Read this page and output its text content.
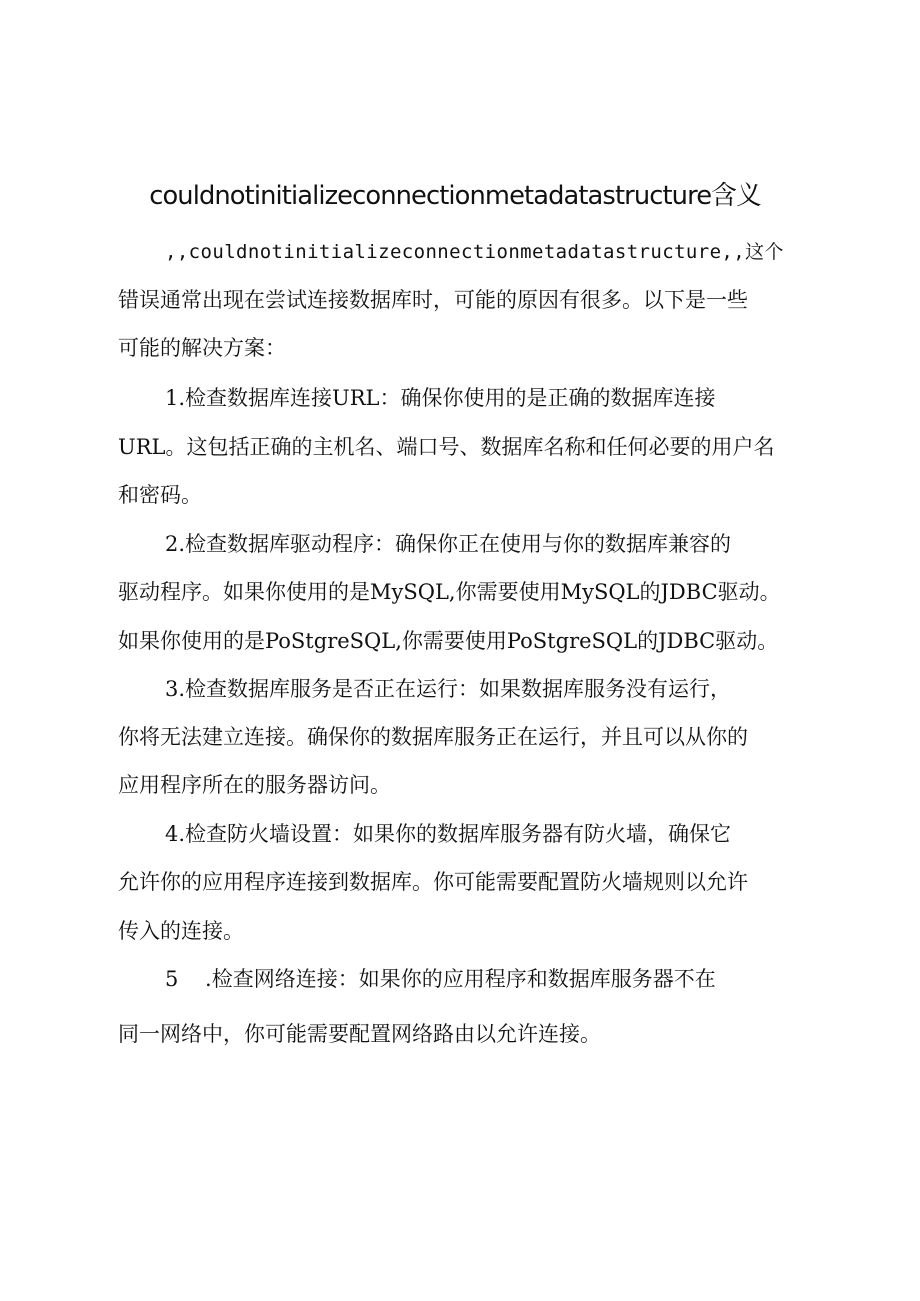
couldnotinitializeconnectionmetadatastructure含义
,,couldnotinitializeconnectionmetadatastructure,,这个
错误通常出现在尝试连接数据库时，可能的原因有很多。以下是一些
可能的解决方案：
1.检查数据库连接URL：确保你使用的是正确的数据库连接
URL。这包括正确的主机名、端口号、数据库名称和任何必要的用户名
和密码。
2.检查数据库驱动程序：确保你正在使用与你的数据库兼容的
驱动程序。如果你使用的是MySQL,你需要使用MySQL的JDBC驱动。
如果你使用的是PoStgreSQL,你需要使用PoStgreSQL的JDBC驱动。
3.检查数据库服务是否正在运行：如果数据库服务没有运行，
你将无法建立连接。确保你的数据库服务正在运行，并且可以从你的
应用程序所在的服务器访问。
4.检查防火墙设置：如果你的数据库服务器有防火墙，确保它
允许你的应用程序连接到数据库。你可能需要配置防火墙规则以允许
传入的连接。
5    .检查网络连接：如果你的应用程序和数据库服务器不在
同一网络中，你可能需要配置网络路由以允许连接。
